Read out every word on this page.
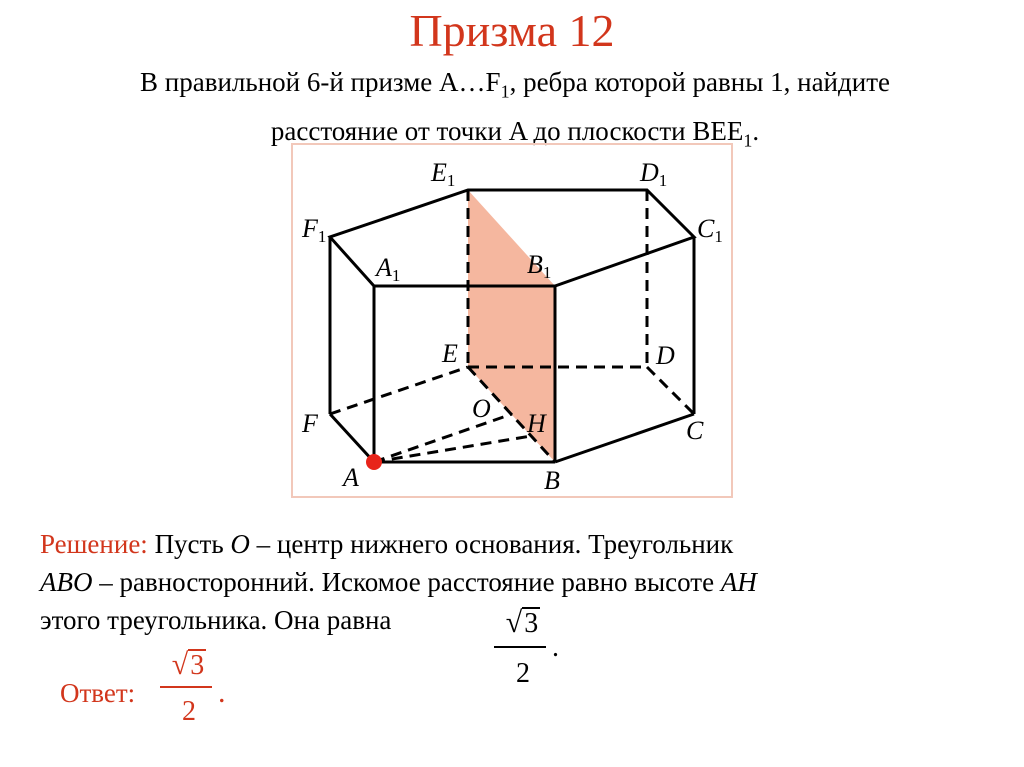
Призма 12
В правильной 6-й призме $A\dots F_1$, ребра которой равны 1, найдите
расстояние от точки A до плоскости $BEE_1$.
E1	D1
F1	C1
A1	B1
E	D
O
H
F	C
A	B
Решение: Пусть O – центр нижнего основания. Треугольник
ABO – равносторонний. Искомое расстояние равно высоте AH
этого треугольника. Она равна	√3
2
.
Ответ:
√3
2
.
